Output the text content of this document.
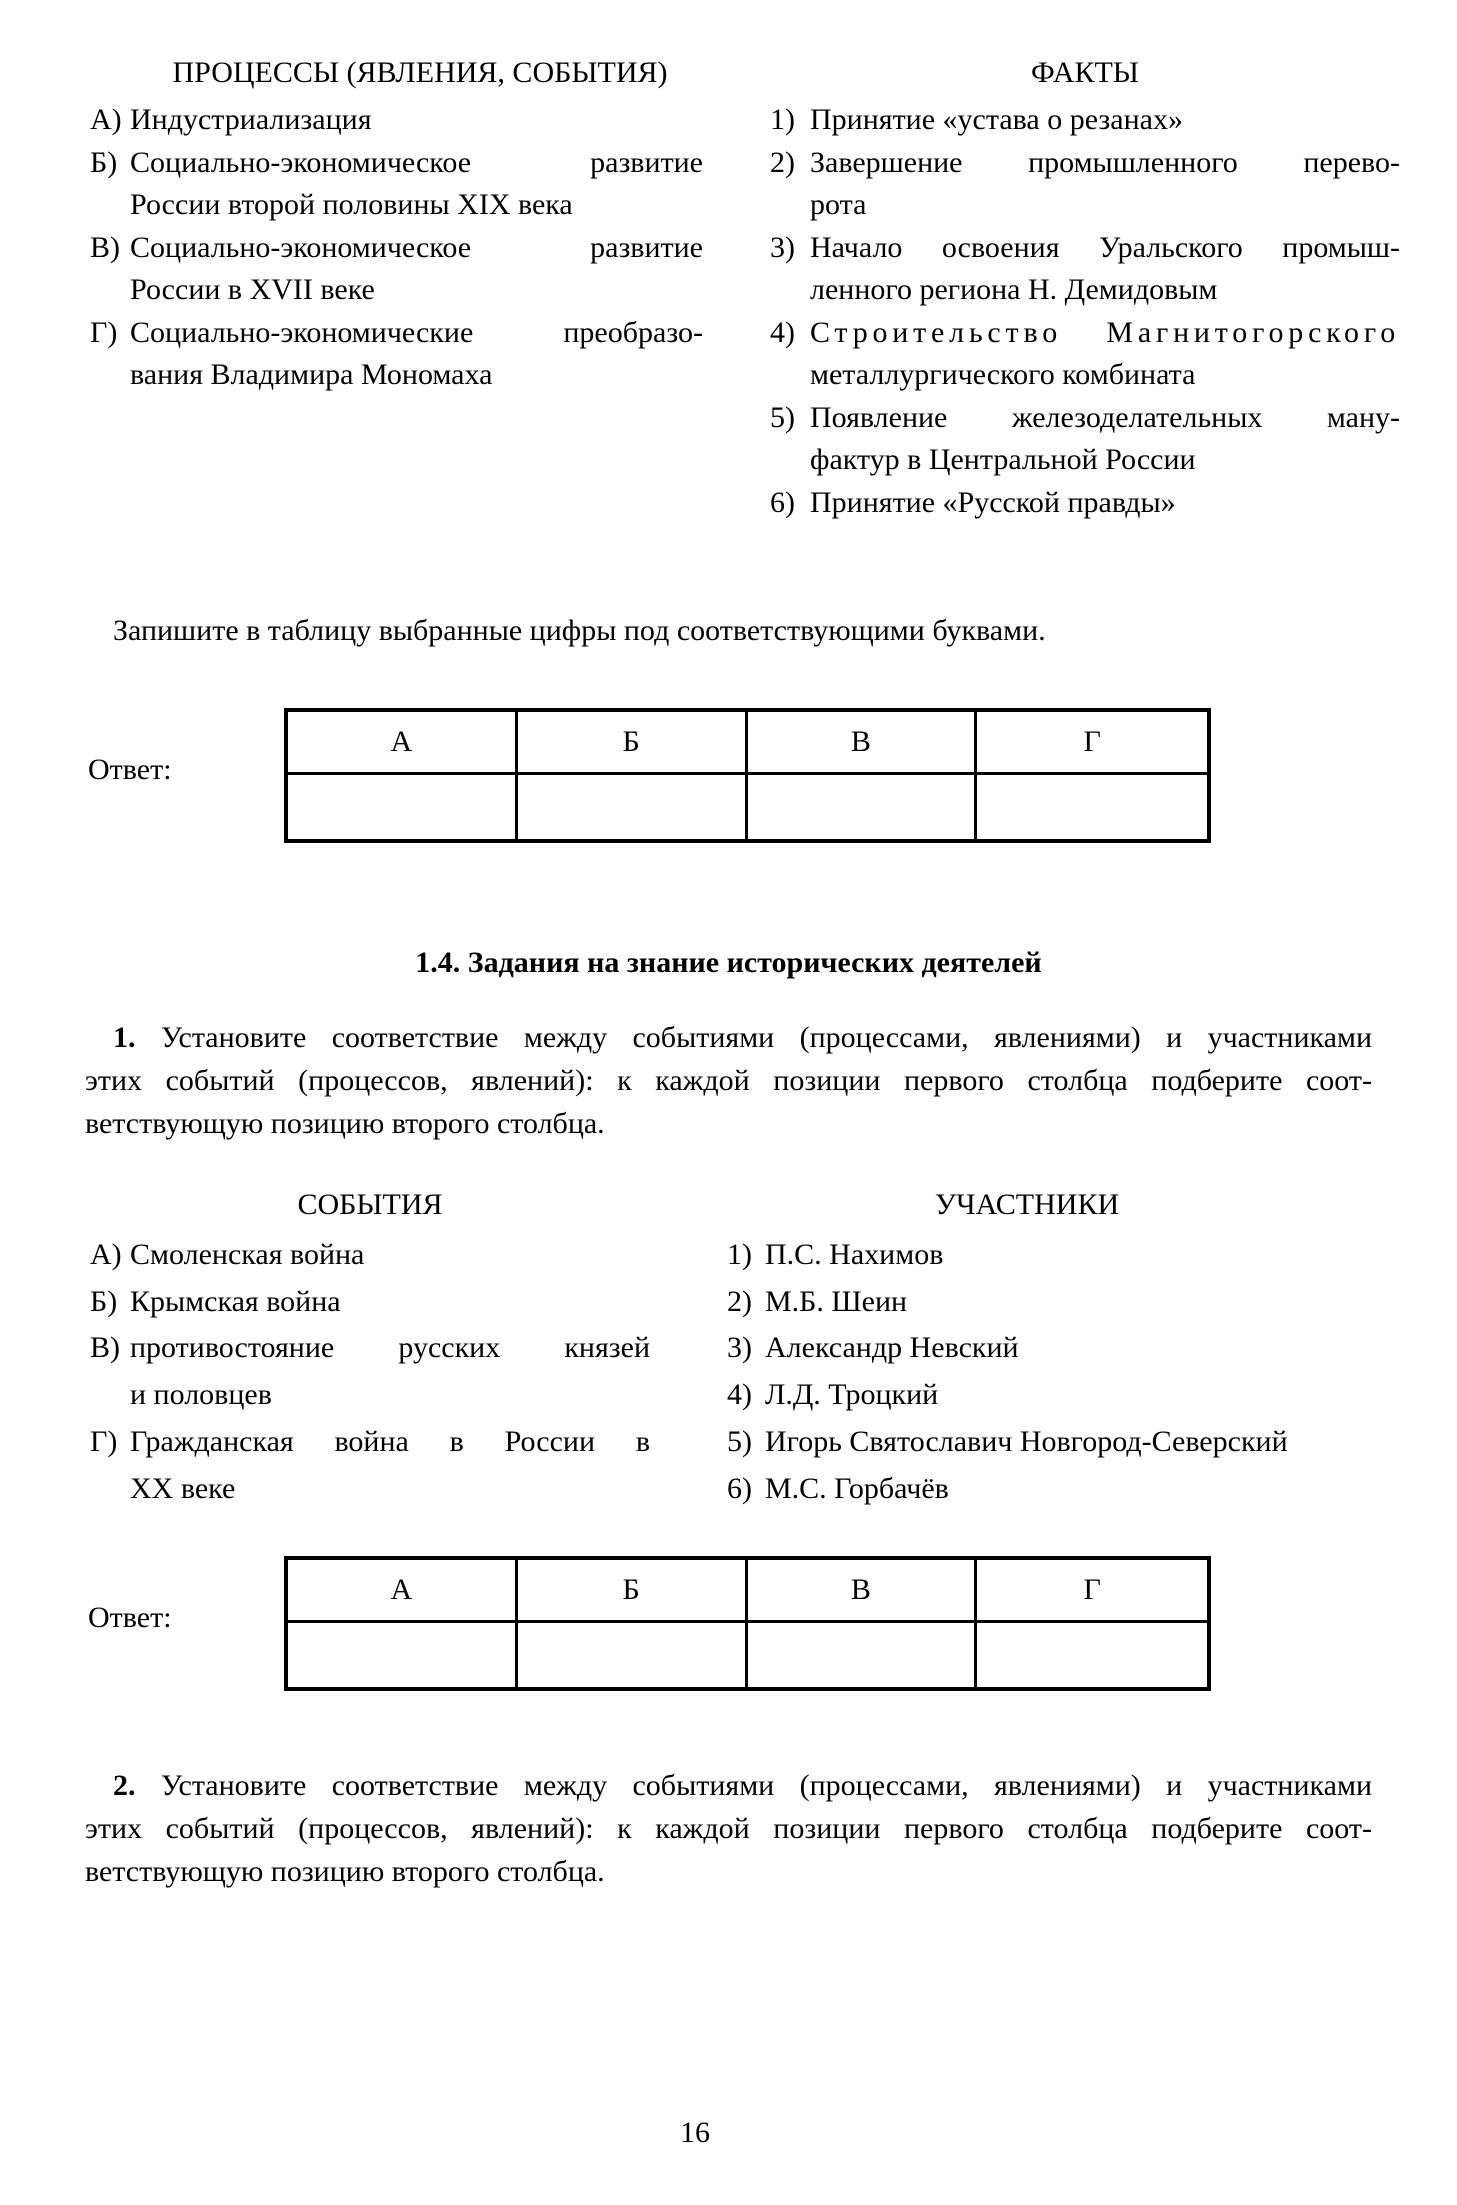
ПРОЦЕССЫ (ЯВЛЕНИЯ, СОБЫТИЯ)	ФАКТЫ
А) Индустриализация
Б) Социально-экономическое развитие
России второй половины XIX века
В) Социально-экономическое развитие
России в XVII веке
Г) Социально-экономические преобразо-
вания Владимира Мономаха
1) Принятие «устава о резанах»
2) Завершение промышленного перево-
рота
3) Начало освоения Уральского промыш-
ленного региона Н. Демидовым
4) Строительство Магнитогорского
металлургического комбината
5) Появление железоделательных ману-
фактур в Центральной России
6) Принятие «Русской правды»
Запишите в таблицу выбранные цифры под соответствующими буквами.
Ответ:
А	Б	В	Г
1.4. Задания на знание исторических деятелей
1. Установите соответствие между событиями (процессами, явлениями) и участниками
этих событий (процессов, явлений): к каждой позиции первого столбца подберите соот-
ветствующую позицию второго столбца.
СОБЫТИЯ	УЧАСТНИКИ
А) Смоленская война
Б) Крымская война
В) противостояние русских князей
и половцев
Г) Гражданская война в России в
XX веке
1) П.С. Нахимов
2) М.Б. Шеин
3) Александр Невский
4) Л.Д. Троцкий
5) Игорь Святославич Новгород-Северский
6) М.С. Горбачёв
Ответ:
А	Б	В	Г
2. Установите соответствие между событиями (процессами, явлениями) и участниками
этих событий (процессов, явлений): к каждой позиции первого столбца подберите соот-
ветствующую позицию второго столбца.
16
